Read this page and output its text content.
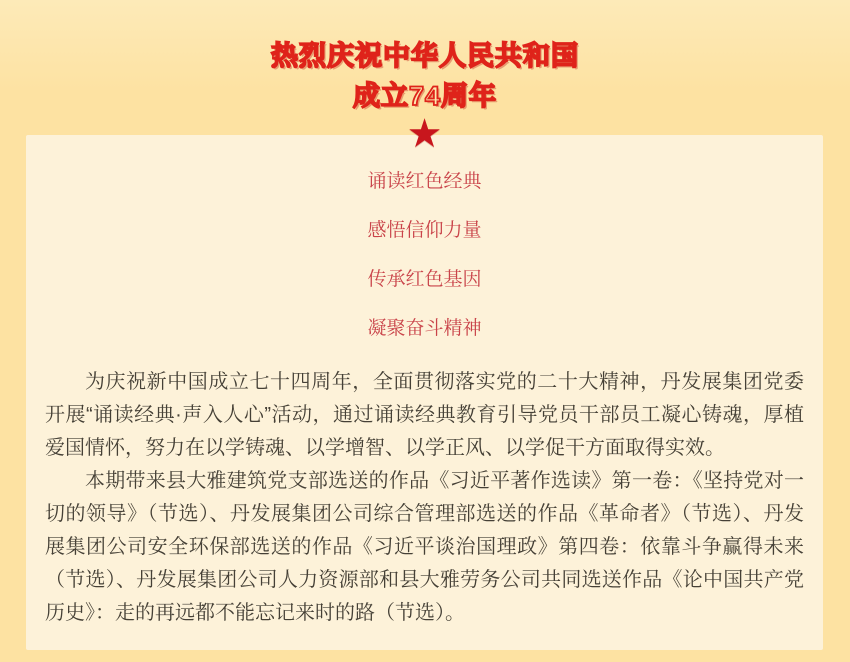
热烈庆祝中华人民共和国
成立74周年
★
诵读红色经典
感悟信仰力量
传承红色基因
凝聚奋斗精神

为庆祝新中国成立七十四周年，全面贯彻落实党的二十大精神，丹发展集团党委开展“诵读经典·声入人心”活动，通过诵读经典教育引导党员干部员工凝心铸魂，厚植爱国情怀，努力在以学铸魂、以学增智、以学正风、以学促干方面取得实效。

本期带来县大雅建筑党支部选送的作品《习近平著作选读》第一卷：《坚持党对一切的领导》（节选）、丹发展集团公司综合管理部选送的作品《革命者》（节选）、丹发展集团公司安全环保部选送的作品《习近平谈治国理政》第四卷：依靠斗争赢得未来（节选）、丹发展集团公司人力资源部和县大雅劳务公司共同选送作品《论中国共产党历史》：走的再远都不能忘记来时的路（节选）。
